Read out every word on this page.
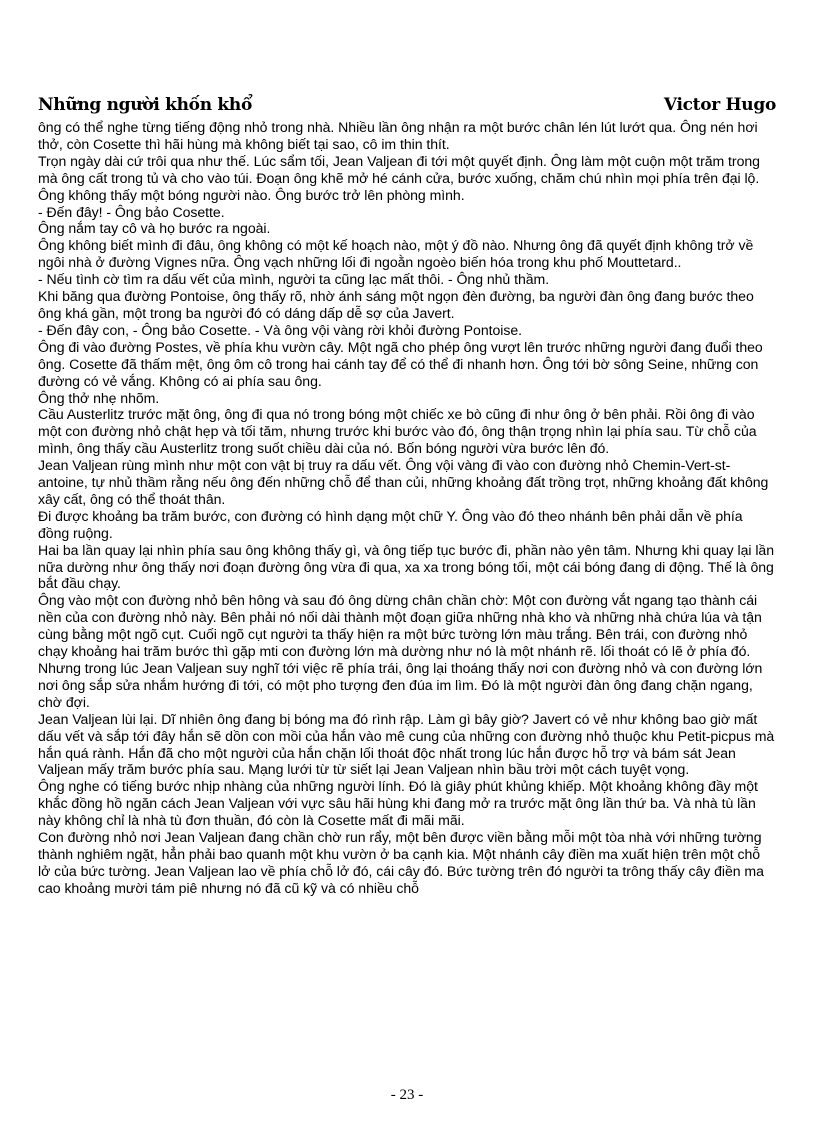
Những người khốn khổ	Victor Hugo

ông có thể nghe từng tiếng động nhỏ trong nhà. Nhiều lần ông nhận ra một bước chân lén lút lướt qua. Ông nén hơi thở, còn Cosette thì hãi hùng mà không biết tại sao, cô im thin thít.

Trọn ngày dài cứ trôi qua như thế. Lúc sẩm tối, Jean Valjean đi tới một quyết định. Ông làm một cuộn một trăm trong mà ông cất trong tủ và cho vào túi. Đoạn ông khẽ mở hé cánh cửa, bước xuống, chăm chú nhìn mọi phía trên đại lộ. Ông không thấy một bóng người nào. Ông bước trở lên phòng mình.

- Đến đây! - Ông bảo Cosette.

Ông nắm tay cô và họ bước ra ngoài.

Ông không biết mình đi đâu, ông không có một kế hoạch nào, một ý đồ nào. Nhưng ông đã quyết định không trở về ngôi nhà ở đường Vignes nữa. Ông vạch những lối đi ngoằn ngoèo biến hóa trong khu phố Mouttetard..

- Nếu tình cờ tìm ra dấu vết của mình, người ta cũng lạc mất thôi. - Ông nhủ thầm.

Khi băng qua đường Pontoise, ông thấy rõ, nhờ ánh sáng một ngọn đèn đường, ba người đàn ông đang bước theo ông khá gần, một trong ba người đó có dáng dấp dễ sợ của Javert.

- Đến đây con, - Ông bảo Cosette. - Và ông vội vàng rời khỏi đường Pontoise.

Ông đi vào đường Postes, về phía khu vườn cây. Một ngã cho phép ông vượt lên trước những người đang đuổi theo ông. Cosette đã thấm mệt, ông ôm cô trong hai cánh tay để có thể đi nhanh hơn. Ông tới bờ sông Seine, những con đường có vẻ vắng. Không có ai phía sau ông.

Ông thở nhẹ nhõm.

Cầu Austerlitz trước mặt ông, ông đi qua nó trong bóng một chiếc xe bò cũng đi như ông ở bên phải. Rồi ông đi vào một con đường nhỏ chật hẹp và tối tăm, nhưng trước khi bước vào đó, ông thận trọng nhìn lại phía sau. Từ chỗ của mình, ông thấy cầu Austerlitz trong suốt chiều dài của nó. Bốn bóng người vừa bước lên đó.

Jean Valjean rùng mình như một con vật bị truy ra dấu vết. Ông vội vàng đi vào con đường nhỏ Chemin-Vert-st-antoine, tự nhủ thầm rằng nếu ông đến những chỗ để than củi, những khoảng đất trồng trọt, những khoảng đất không xây cất, ông có thể thoát thân.

Đi được khoảng ba trăm bước, con đường có hình dạng một chữ Y. Ông vào đó theo nhánh bên phải dẫn về phía đồng ruộng.

Hai ba lần quay lại nhìn phía sau ông không thấy gì, và ông tiếp tục bước đi, phần nào yên tâm. Nhưng khi quay lại lần nữa dường như ông thấy nơi đoạn đường ông vừa đi qua, xa xa trong bóng tối, một cái bóng đang di động. Thế là ông bắt đầu chạy.

Ông vào một con đường nhỏ bên hông và sau đó ông dừng chân chần chờ: Một con đường vắt ngang tạo thành cái nền của con đường nhỏ này. Bên phải nó nối dài thành một đoạn giữa những nhà kho và những nhà chứa lúa và tận cùng bằng một ngõ cụt. Cuối ngõ cụt người ta thấy hiện ra một bức tường lớn màu trắng. Bên trái, con đường nhỏ chạy khoảng hai trăm bước thì gặp mti con đường lớn mà dường như nó là một nhánh rẽ. lối thoát có lẽ ở phía đó. Nhưng trong lúc Jean Valjean suy nghĩ tới việc rẽ phía trái, ông lại thoáng thấy nơi con đường nhỏ và con đường lớn nơi ông sắp sửa nhắm hướng đi tới, có một pho tượng đen đúa im lìm. Đó là một người đàn ông đang chặn ngang, chờ đợi.

Jean Valjean lùi lại. Dĩ nhiên ông đang bị bóng ma đó rình rập. Làm gì bây giờ? Javert có vẻ như không bao giờ mất dấu vết và sắp tới đây hắn sẽ dồn con mồi của hắn vào mê cung của những con đường nhỏ thuộc khu Petit-picpus mà hắn quá rành. Hắn đã cho một người của hắn chặn lối thoát độc nhất trong lúc hắn được hỗ trợ và bám sát Jean Valjean mấy trăm bước phía sau. Mạng lưới từ từ siết lại Jean Valjean nhìn bầu trời một cách tuyệt vọng.

Ông nghe có tiếng bước nhịp nhàng của những người lính. Đó là giây phút khủng khiếp. Một khoảng không đầy một khắc đồng hồ ngăn cách Jean Valjean với vực sâu hãi hùng khi đang mở ra trước mặt ông lần thứ ba. Và nhà tù lần này không chỉ là nhà tù đơn thuần, đó còn là Cosette mất đi mãi mãi.

Con đường nhỏ nơi Jean Valjean đang chần chờ run rẩy, một bên được viền bằng mỗi một tòa nhà với những tường thành nghiêm ngặt, hẳn phải bao quanh một khu vườn ở ba cạnh kia. Một nhánh cây điền ma xuất hiện trên một chỗ lở của bức tường. Jean Valjean lao về phía chỗ lở đó, cái cây đó. Bức tường trên đó người ta trông thấy cây điền ma cao khoảng mười tám piê nhưng nó đã cũ kỹ và có nhiều chỗ

- 23 -
